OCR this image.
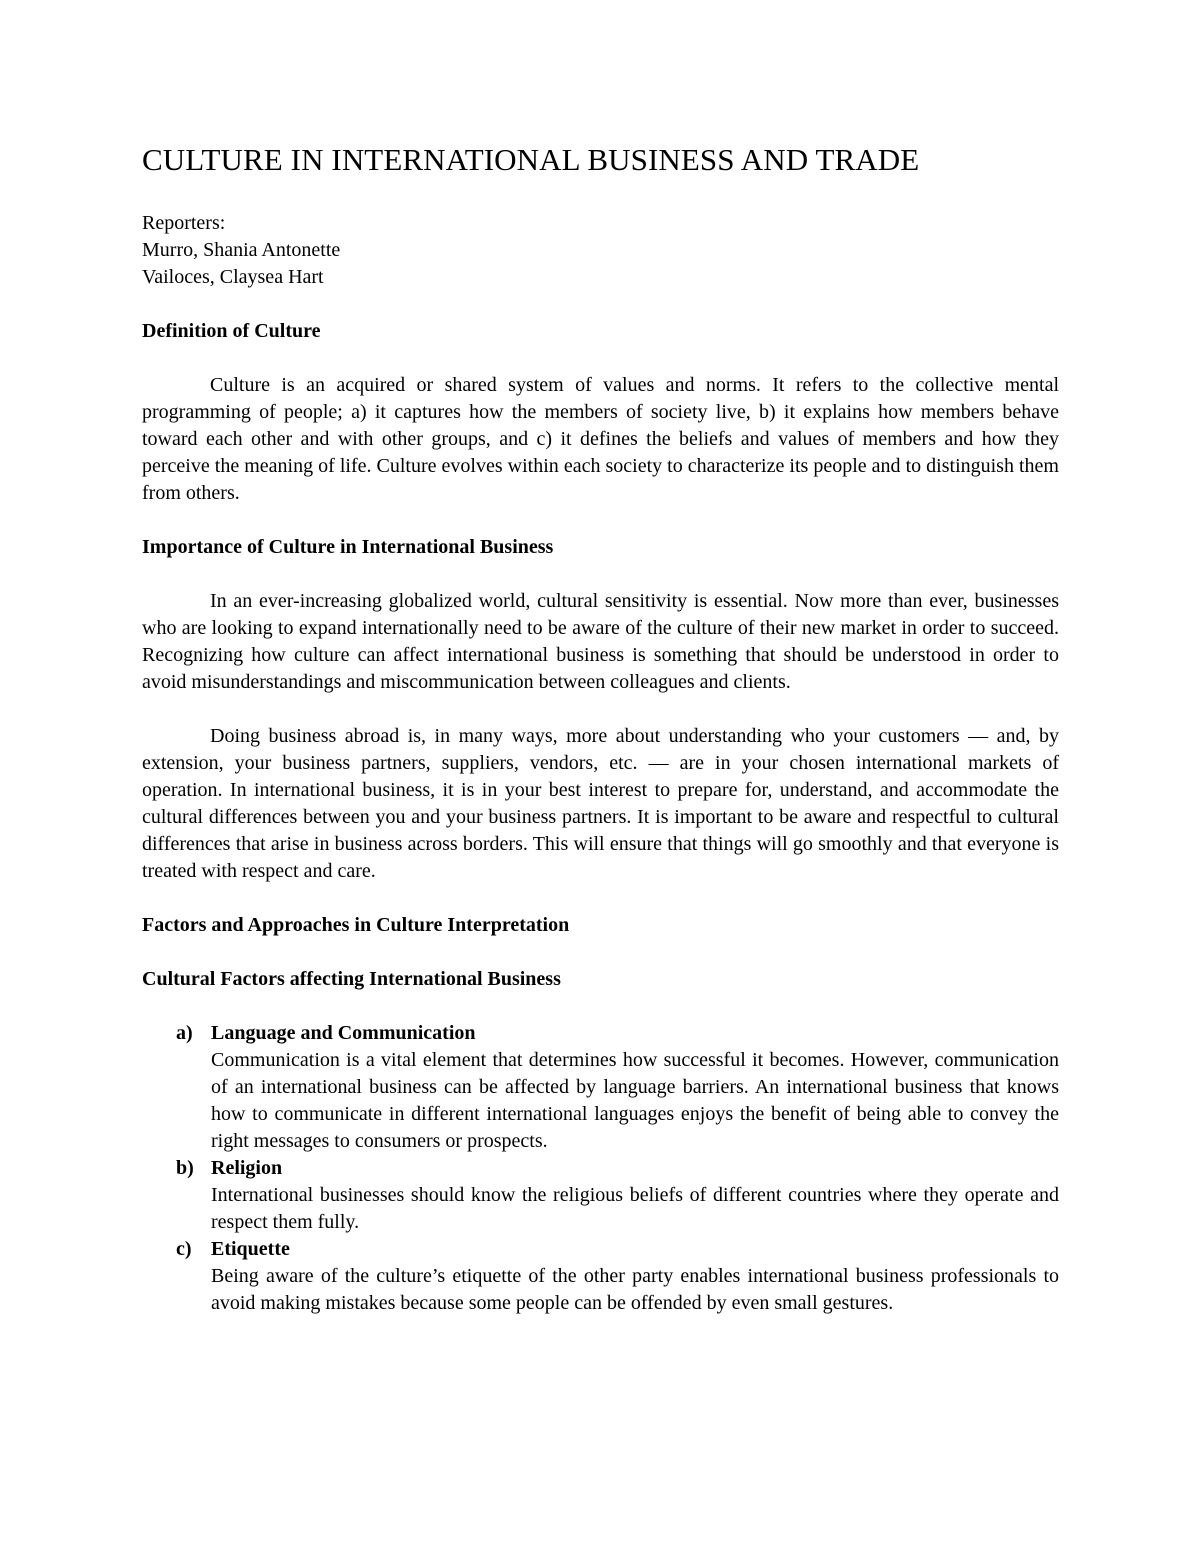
CULTURE IN INTERNATIONAL BUSINESS AND TRADE
Reporters:
Murro, Shania Antonette
Vailoces, Claysea Hart
Definition of Culture

Culture is an acquired or shared system of values and norms. It refers to the collective mental programming of people; a) it captures how the members of society live, b) it explains how members behave toward each other and with other groups, and c) it defines the beliefs and values of members and how they perceive the meaning of life. Culture evolves within each society to characterize its people and to distinguish them from others.

Importance of Culture in International Business

In an ever-increasing globalized world, cultural sensitivity is essential. Now more than ever, businesses who are looking to expand internationally need to be aware of the culture of their new market in order to succeed. Recognizing how culture can affect international business is something that should be understood in order to avoid misunderstandings and miscommunication between colleagues and clients.

Doing business abroad is, in many ways, more about understanding who your customers — and, by extension, your business partners, suppliers, vendors, etc. — are in your chosen international markets of operation. In international business, it is in your best interest to prepare for, understand, and accommodate the cultural differences between you and your business partners. It is important to be aware and respectful to cultural differences that arise in business across borders. This will ensure that things will go smoothly and that everyone is treated with respect and care.

Factors and Approaches in Culture Interpretation
Cultural Factors affecting International Business
a) Language and Communication
Communication is a vital element that determines how successful it becomes. However, communication of an international business can be affected by language barriers. An international business that knows how to communicate in different international languages enjoys the benefit of being able to convey the right messages to consumers or prospects.
b) Religion
International businesses should know the religious beliefs of different countries where they operate and respect them fully.
c) Etiquette
Being aware of the culture’s etiquette of the other party enables international business professionals to avoid making mistakes because some people can be offended by even small gestures.
